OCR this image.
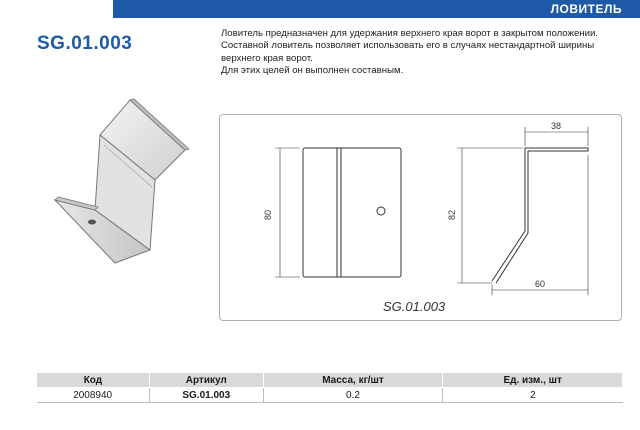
ЛОВИТЕЛЬ
SG.01.003	Ловитель предназначен для удержания верхнего края ворот в закрытом положении.

Составной ловитель позволяет использовать его в случаях нестандартной ширины верхнего края ворот.

Для этих целей он выполнен составным.

80	82
38
60
SG.01.003
Код	Артикул	Масса, кг/шт	Ед. изм., шт
2008940	SG.01.003	0.2	2
